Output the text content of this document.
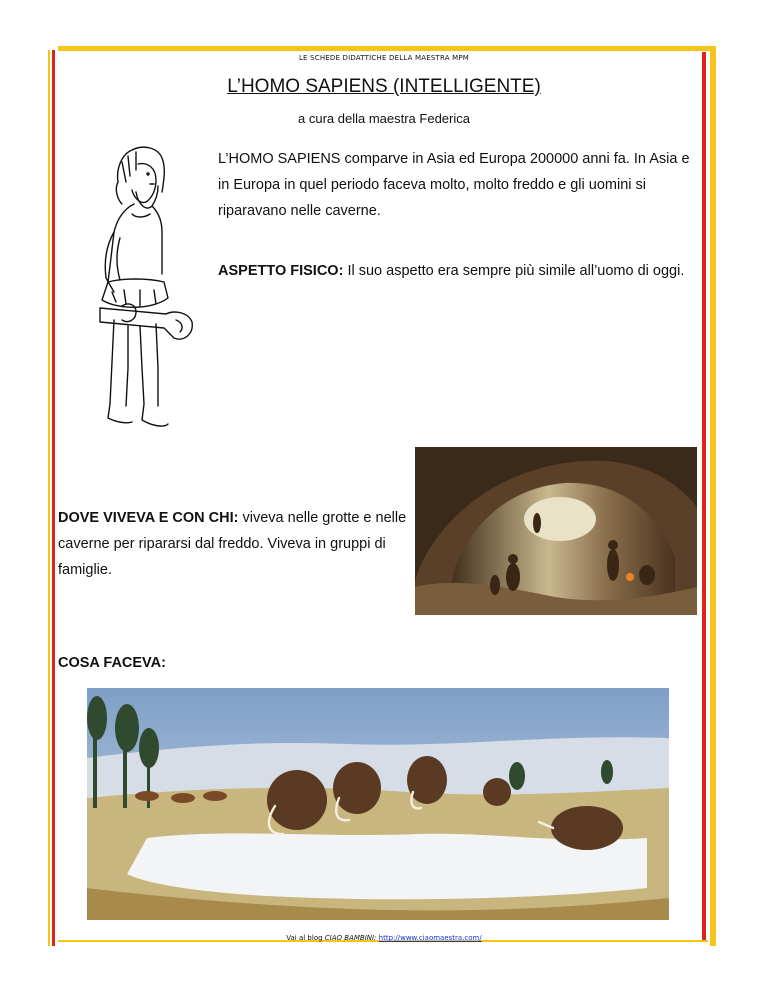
LE SCHEDE DIDATTICHE DELLA MAESTRA MPM
L’HOMO SAPIENS (INTELLIGENTE)
a cura della maestra Federica
L’HOMO SAPIENS comparve in Asia ed Europa 200000 anni fa. In Asia e in Europa in quel periodo faceva molto, molto freddo e gli uomini si riparavano nelle caverne.
ASPETTO FISICO: Il suo aspetto era sempre più simile all’uomo di oggi.
DOVE VIVEVA E CON CHI: viveva nelle grotte e nelle caverne per ripararsi dal freddo. Viveva in gruppi di famiglie.
COSA FACEVA:
Vai al blog CIAO BAMBINI: http://www.ciaomaestra.com/
